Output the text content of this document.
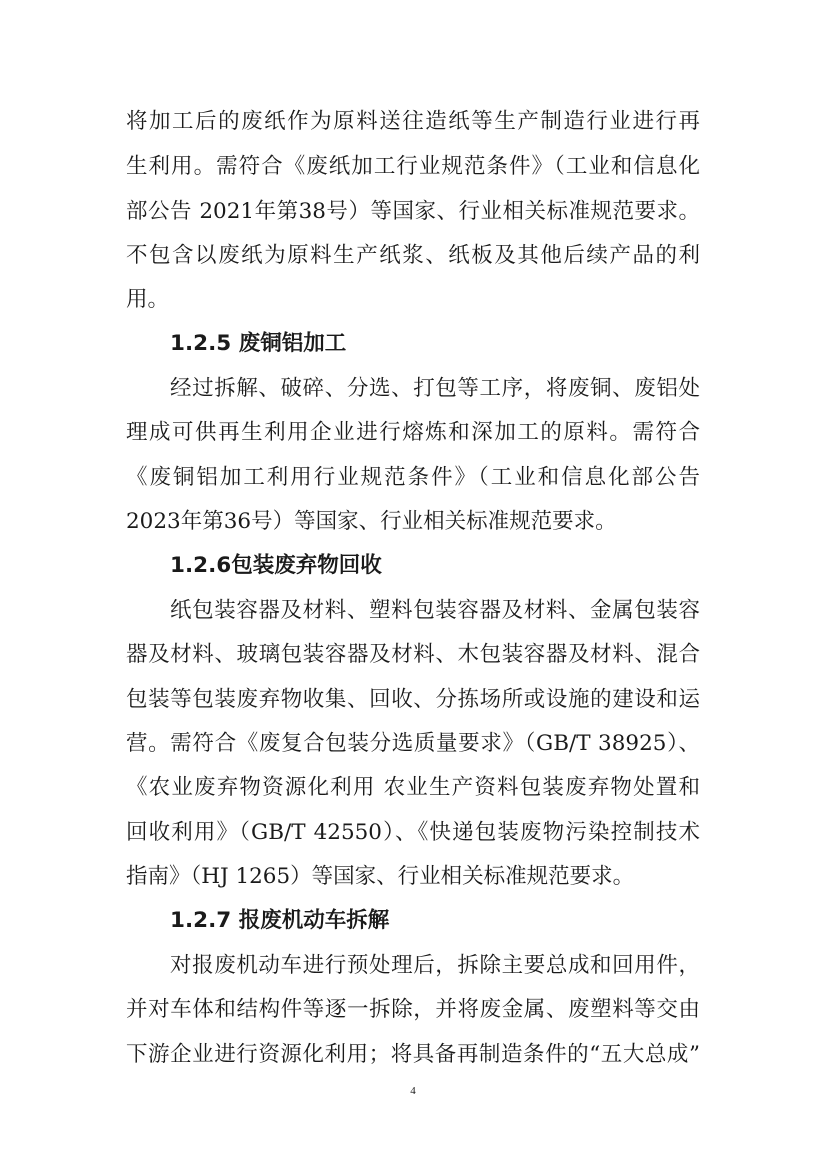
将加工后的废纸作为原料送往造纸等生产制造行业进行再
生利用。需符合《废纸加工行业规范条件》（工业和信息化
部公告 2021年第38号）等国家、行业相关标准规范要求。
不包含以废纸为原料生产纸浆、纸板及其他后续产品的利
用。
1.2.5 废铜铝加工
经过拆解、破碎、分选、打包等工序，将废铜、废铝处
理成可供再生利用企业进行熔炼和深加工的原料。需符合
《废铜铝加工利用行业规范条件》（工业和信息化部公告
2023年第36号）等国家、行业相关标准规范要求。
1.2.6包装废弃物回收
纸包装容器及材料、塑料包装容器及材料、金属包装容
器及材料、玻璃包装容器及材料、木包装容器及材料、混合
包装等包装废弃物收集、回收、分拣场所或设施的建设和运
营。需符合《废复合包装分选质量要求》（GB/T 38925）、
《农业废弃物资源化利用 农业生产资料包装废弃物处置和
回收利用》（GB/T 42550）、《快递包装废物污染控制技术
指南》（HJ 1265）等国家、行业相关标准规范要求。
1.2.7 报废机动车拆解
对报废机动车进行预处理后，拆除主要总成和回用件，
并对车体和结构件等逐一拆除，并将废金属、废塑料等交由
下游企业进行资源化利用；将具备再制造条件的“五大总成”
4
